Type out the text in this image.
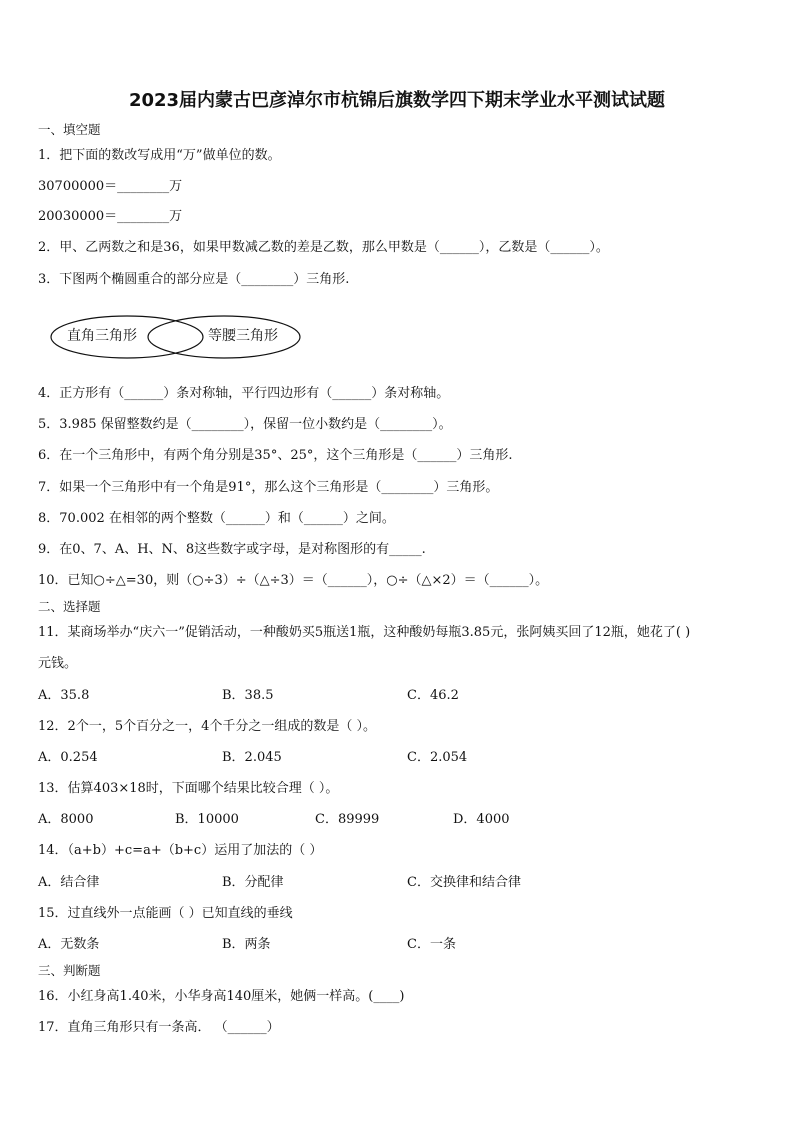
2023届内蒙古巴彦淖尔市杭锦后旗数学四下期末学业水平测试试题
一、填空题
1．把下面的数改写成用“万”做单位的数。
30700000＝________万
20030000＝________万
2．甲、乙两数之和是36，如果甲数减乙数的差是乙数，那么甲数是（______），乙数是（______）。
3．下图两个椭圆重合的部分应是（________）三角形.
直角三角形	等腰三角形
4．正方形有（______）条对称轴，平行四边形有（______）条对称轴。
5．3.985 保留整数约是（________），保留一位小数约是（________）。
6．在一个三角形中，有两个角分别是35°、25°，这个三角形是（______）三角形.
7．如果一个三角形中有一个角是91°，那么这个三角形是（________）三角形。
8．70.002 在相邻的两个整数（______）和（______）之间。
9．在0、7、A、H、N、8这些数字或字母，是对称图形的有_____.
10．已知○÷△=30，则（○÷3）÷（△÷3）＝（______），○÷（△×2）＝（______）。
二、选择题
11．某商场举办“庆六一”促销活动，一种酸奶买5瓶送1瓶，这种酸奶每瓶3.85元，张阿姨买回了12瓶，她花了( )
元钱。
A．35.8	B．38.5	C．46.2
12．2个一，5个百分之一，4个千分之一组成的数是（ ）。
A．0.254	B．2.045	C．2.054
13．估算403×18时，下面哪个结果比较合理（ ）。
A．8000	B．10000	C．89999	D．4000
14．（a+b）+c=a+（b+c）运用了加法的（ ）
A．结合律	B．分配律	C．交换律和结合律
15．过直线外一点能画（ ）已知直线的垂线
A．无数条	B．两条	C．一条
三、判断题
16．小红身高1.40米，小华身高140厘米，她俩一样高。(____)
17．直角三角形只有一条高． （______）
